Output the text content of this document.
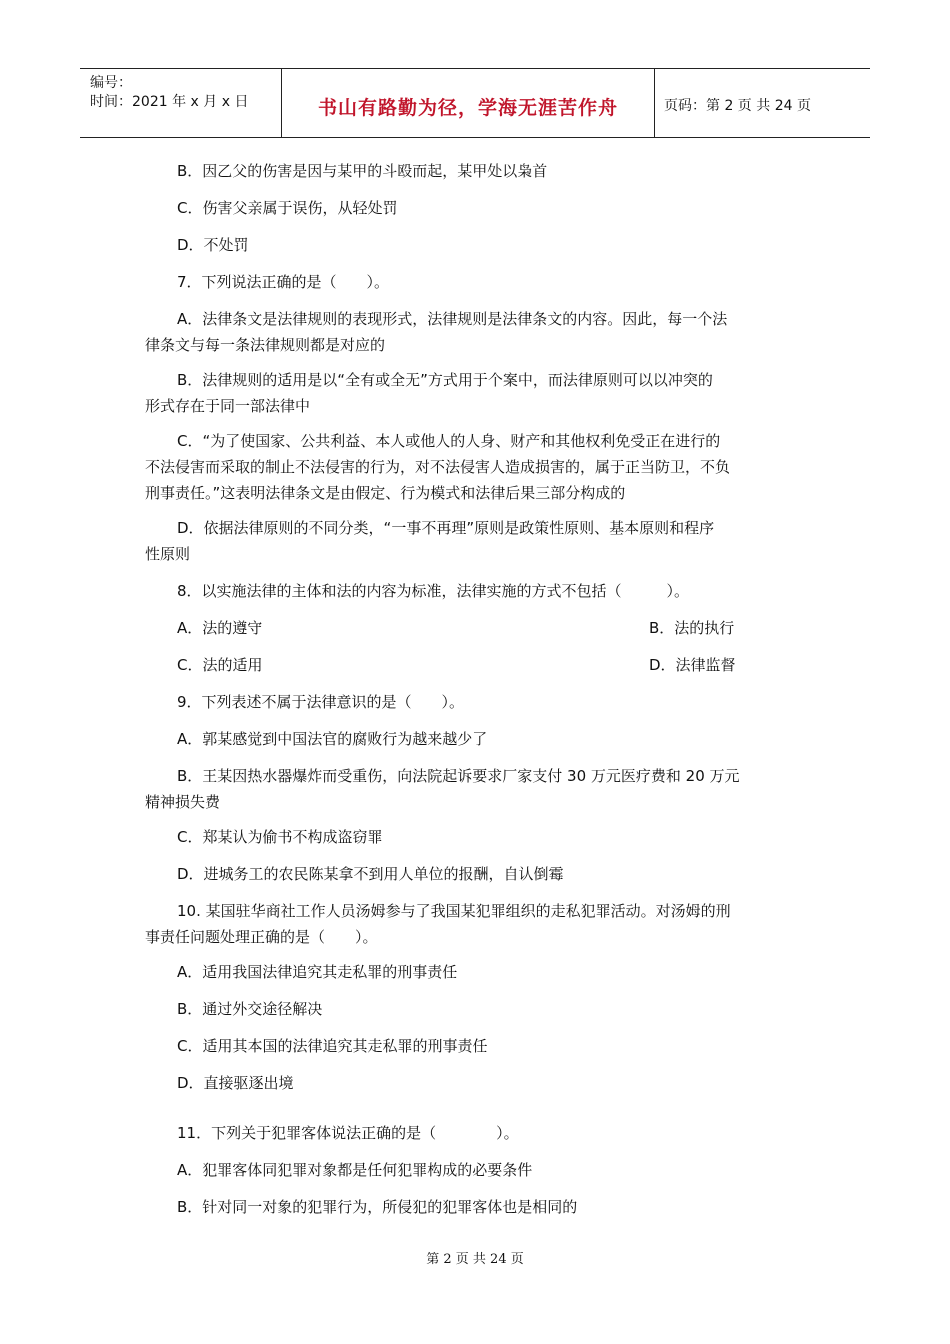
编号：
时间：2021 年 x 月 x 日	书山有路勤为径，学海无涯苦作舟	页码：第 2 页 共 24 页
B．因乙父的伤害是因与某甲的斗殴而起，某甲处以枭首
C．伤害父亲属于误伤，从轻处罚
D．不处罚
7．下列说法正确的是（　　）。
A．法律条文是法律规则的表现形式，法律规则是法律条文的内容。因此，每一个法
律条文与每一条法律规则都是对应的
B．法律规则的适用是以“全有或全无”方式用于个案中，而法律原则可以以冲突的
形式存在于同一部法律中
C．“为了使国家、公共利益、本人或他人的人身、财产和其他权利免受正在进行的
不法侵害而采取的制止不法侵害的行为，对不法侵害人造成损害的，属于正当防卫，不负
刑事责任。”这表明法律条文是由假定、行为模式和法律后果三部分构成的
D．依据法律原则的不同分类，“一事不再理”原则是政策性原则、基本原则和程序
性原则
8．以实施法律的主体和法的内容为标准，法律实施的方式不包括（　　　）。
A．法的遵守	B．法的执行
C．法的适用	D．法律监督
9．下列表述不属于法律意识的是（　　）。
A．郭某感觉到中国法官的腐败行为越来越少了
B．王某因热水器爆炸而受重伤，向法院起诉要求厂家支付 30 万元医疗费和 20 万元
精神损失费
C．郑某认为偷书不构成盗窃罪
D．进城务工的农民陈某拿不到用人单位的报酬，自认倒霉
10. 某国驻华商社工作人员汤姆参与了我国某犯罪组织的走私犯罪活动。对汤姆的刑
事责任问题处理正确的是（　　）。
A．适用我国法律追究其走私罪的刑事责任
B．通过外交途径解决
C．适用其本国的法律追究其走私罪的刑事责任
D．直接驱逐出境
11．下列关于犯罪客体说法正确的是（　　　　）。
A．犯罪客体同犯罪对象都是任何犯罪构成的必要条件
B．针对同一对象的犯罪行为，所侵犯的犯罪客体也是相同的
第 2 页 共 24 页
